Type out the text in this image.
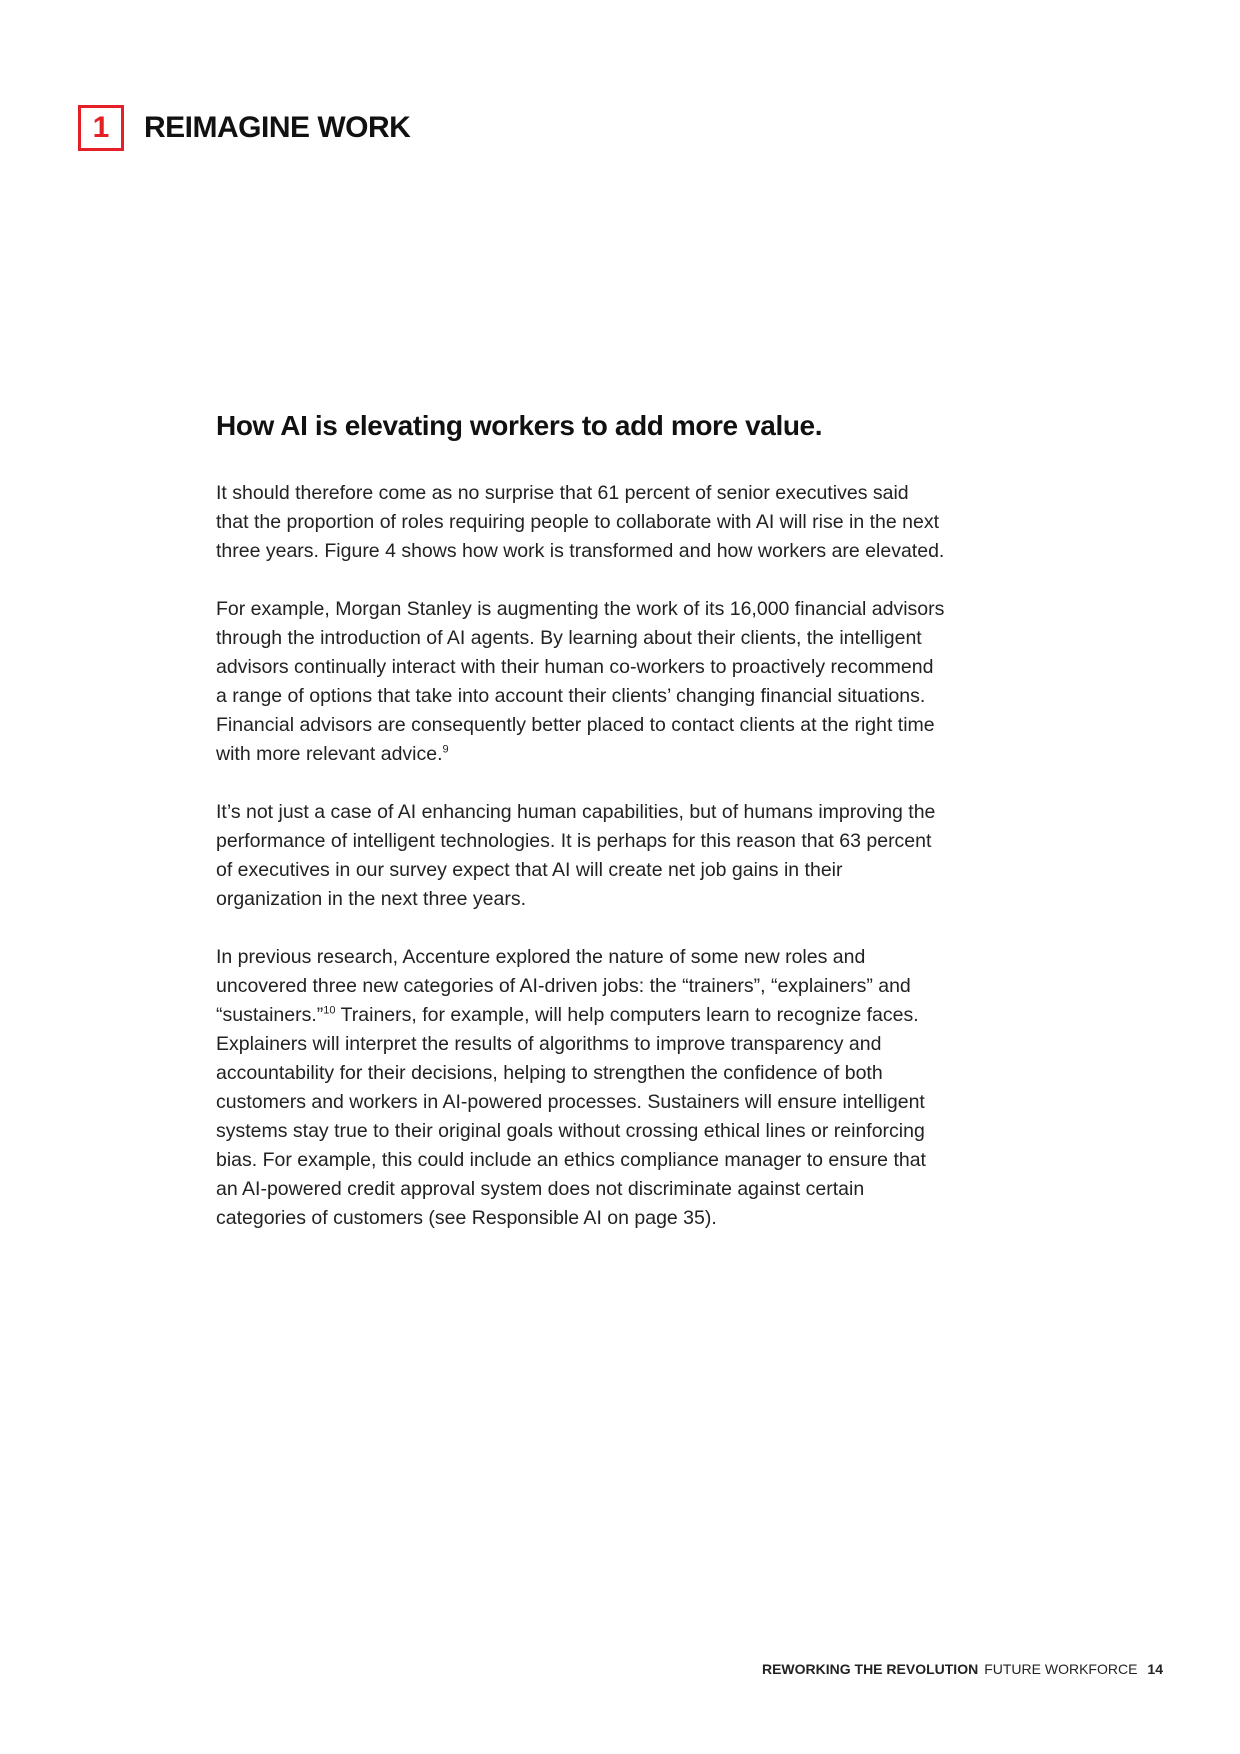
1	REIMAGINE WORK
How AI is elevating workers to add more value.

It should therefore come as no surprise that 61 percent of senior executives said that the proportion of roles requiring people to collaborate with AI will rise in the next three years. Figure 4 shows how work is transformed and how workers are elevated.

For example, Morgan Stanley is augmenting the work of its 16,000 financial advisors through the introduction of AI agents. By learning about their clients, the intelligent advisors continually interact with their human co-workers to proactively recommend a range of options that take into account their clients’ changing financial situations. Financial advisors are consequently better placed to contact clients at the right time with more relevant advice.$^9$

It’s not just a case of AI enhancing human capabilities, but of humans improving the performance of intelligent technologies. It is perhaps for this reason that 63 percent of executives in our survey expect that AI will create net job gains in their organization in the next three years.

In previous research, Accenture explored the nature of some new roles and uncovered three new categories of AI-driven jobs: the “trainers”, “explainers” and “sustainers.”$^{10}$ Trainers, for example, will help computers learn to recognize faces. Explainers will interpret the results of algorithms to improve transparency and accountability for their decisions, helping to strengthen the confidence of both customers and workers in AI-powered processes. Sustainers will ensure intelligent systems stay true to their original goals without crossing ethical lines or reinforcing bias. For example, this could include an ethics compliance manager to ensure that an AI-powered credit approval system does not discriminate against certain categories of customers (see Responsible AI on page 35).

REWORKING THE REVOLUTION FUTURE WORKFORCE 14
